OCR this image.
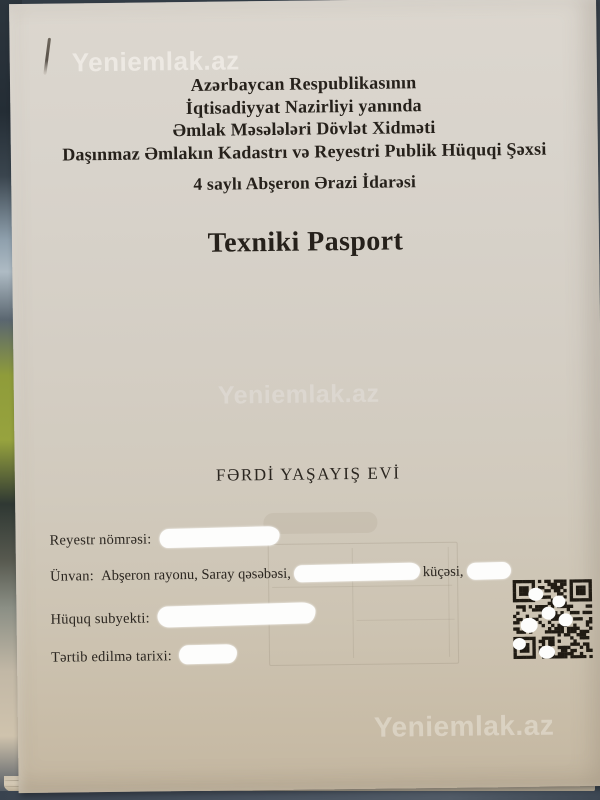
Yeniemlak.az
Yeniemlak.az
Yeniemlak.az
Azərbaycan Respublikasının
İqtisadiyyat Nazirliyi yanında
Əmlak Məsələləri Dövlət Xidməti
Daşınmaz Əmlakın Kadastrı və Reyestri Publik Hüquqi Şəxsi
4 saylı Abşeron Ərazi İdarəsi
Texniki Pasport
FƏRDİ YAŞAYIŞ EVİ
Reyestr nömrəsi:
Ünvan: Abşeron rayonu, Saray qəsəbəsi,	küçəsi,
Hüquq subyekti:
Tərtib edilmə tarixi:
